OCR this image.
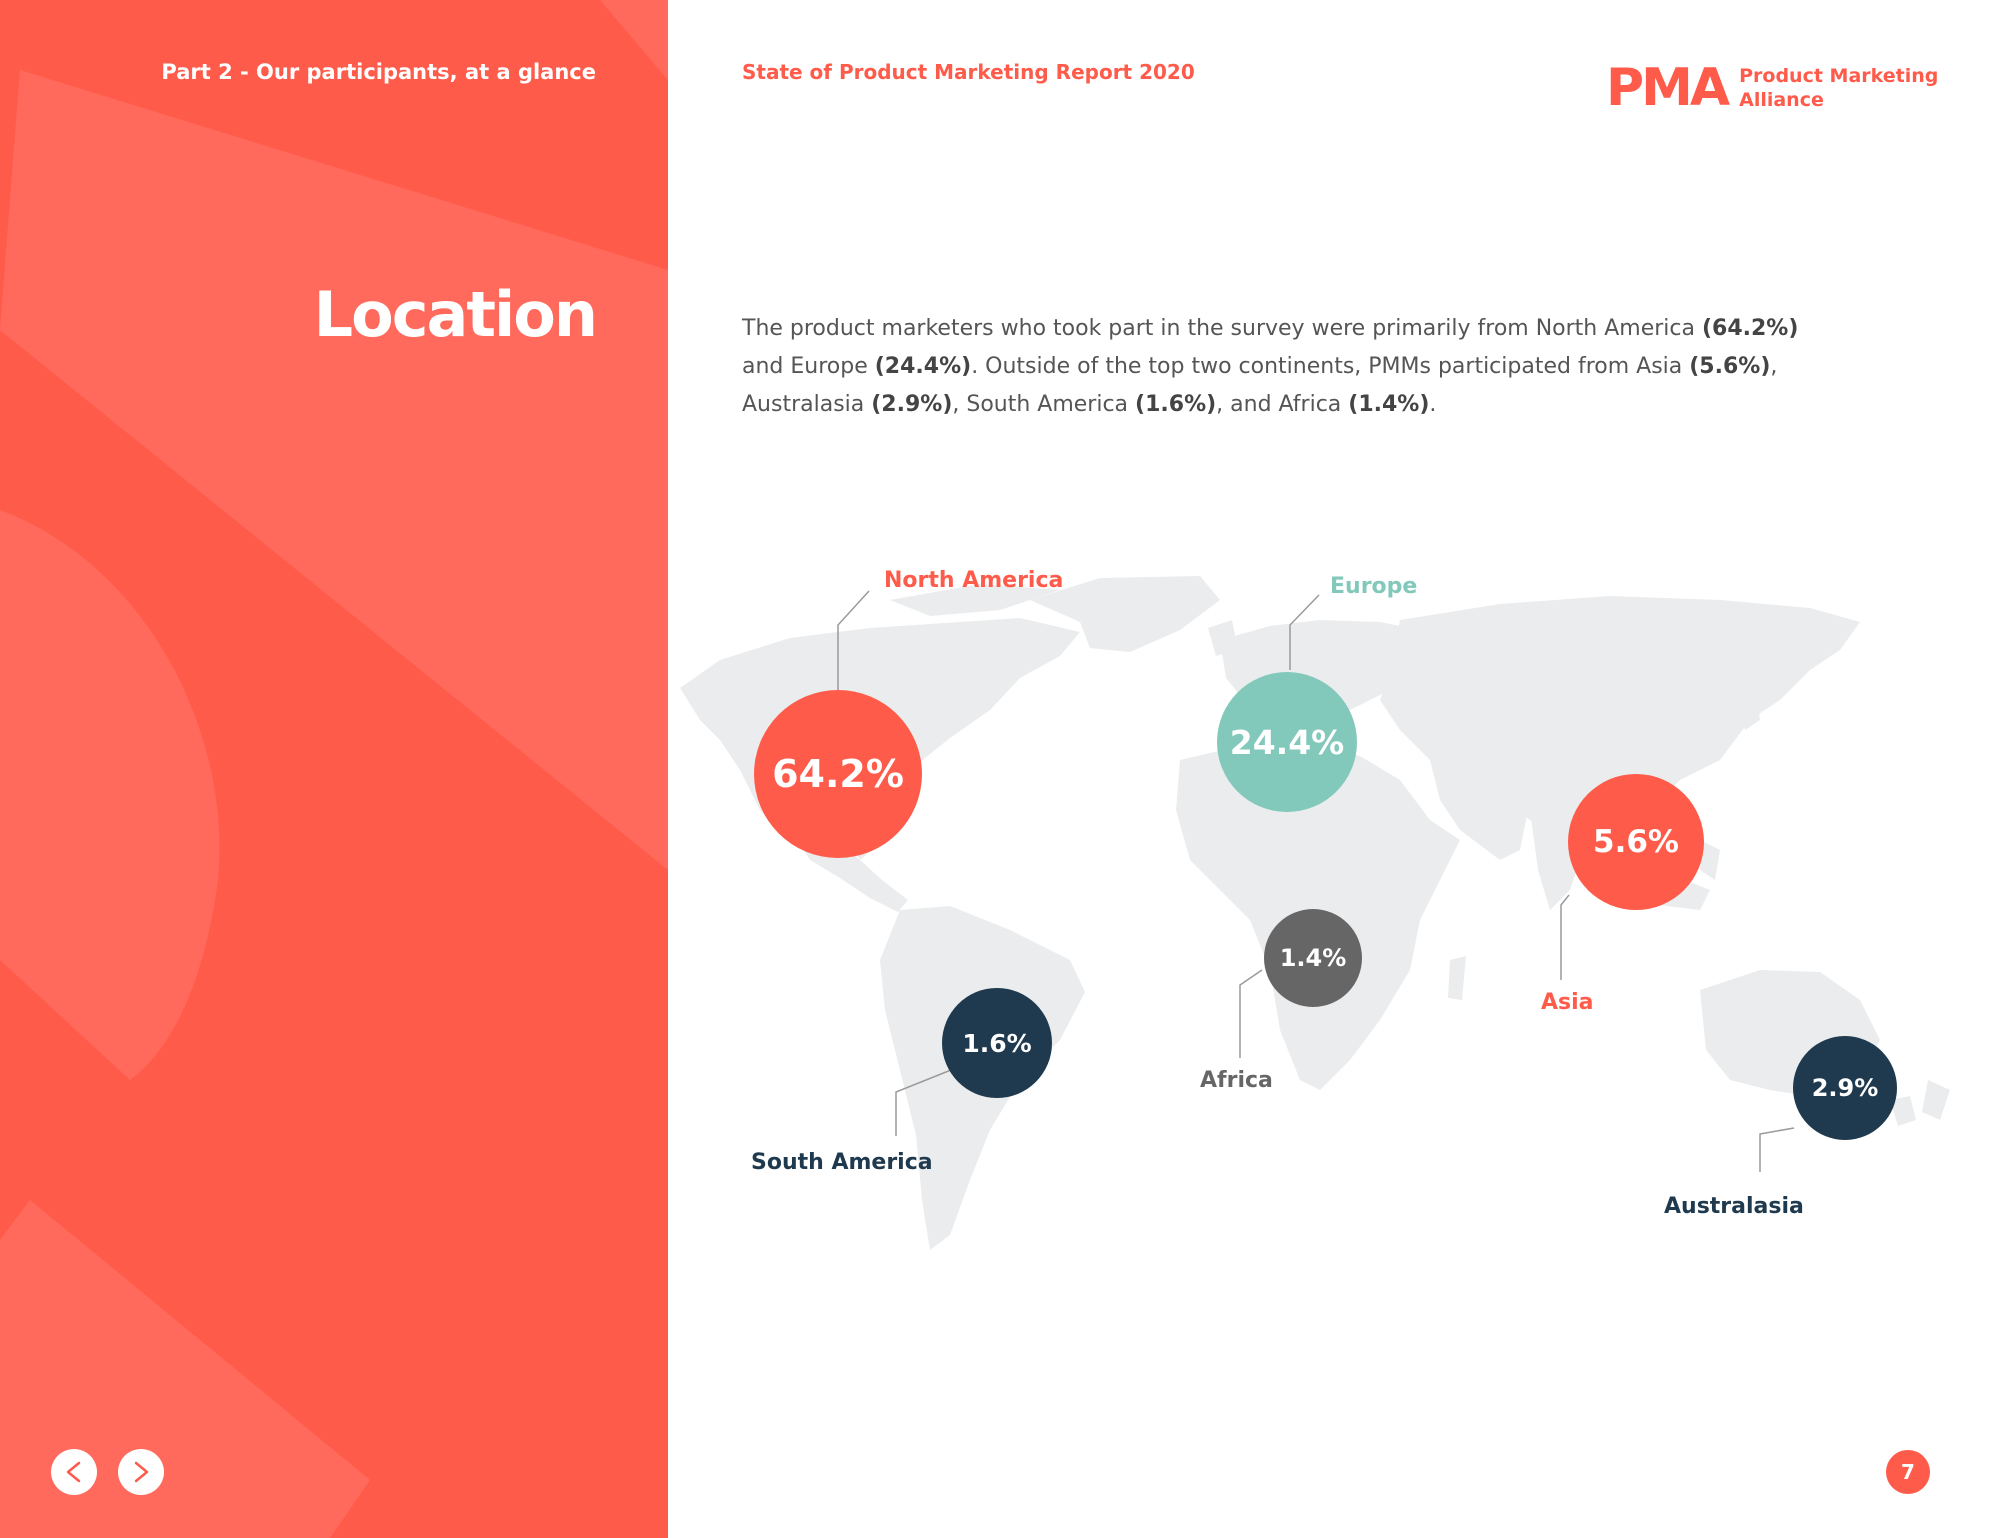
Part 2 - Our participants, at a glance
Location
State of Product Marketing Report 2020	PMA Product Marketing
Alliance
The product marketers who took part in the survey were primarily from North America (64.2%) and Europe (24.4%). Outside of the top two continents, PMMs participated from Asia (5.6%), Australasia (2.9%), South America (1.6%), and Africa (1.4%).
North America	Europe
Asia
Africa
South America
Australasia
64.2%
24.4%
5.6%
1.4%
1.6%
2.9%
7
